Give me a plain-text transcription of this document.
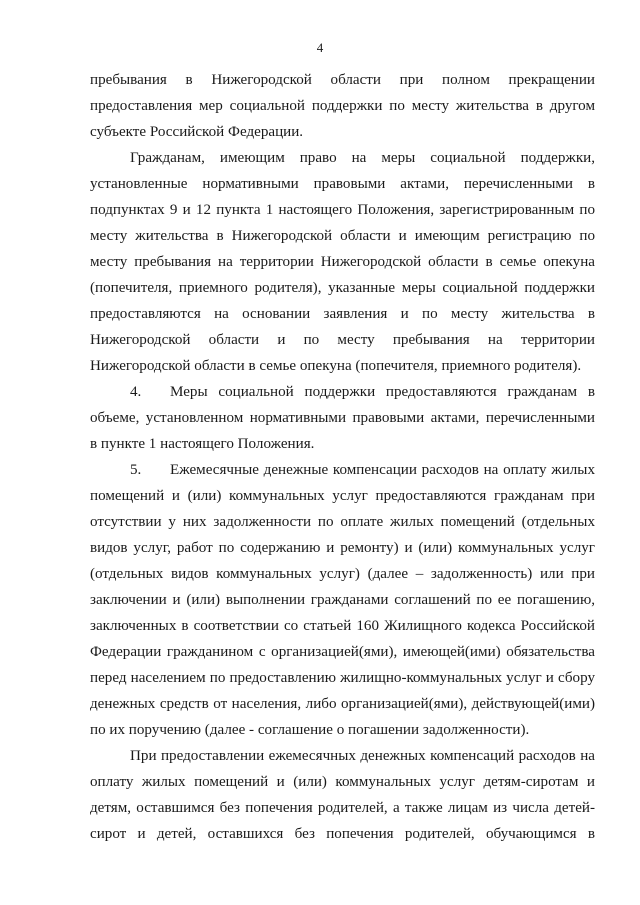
4
пребывания в Нижегородской области при полном прекращении
предоставления мер социальной поддержки по месту жительства в другом
субъекте Российской Федерации.
Гражданам, имеющим право на меры социальной поддержки,
установленные нормативными правовыми актами, перечисленными в
подпунктах 9 и 12 пункта 1 настоящего Положения, зарегистрированным по
месту жительства в Нижегородской области и имеющим регистрацию по
месту пребывания на территории Нижегородской области в семье опекуна
(попечителя, приемного родителя), указанные меры социальной поддержки
предоставляются на основании заявления и по месту жительства в
Нижегородской области и по месту пребывания на территории
Нижегородской области в семье опекуна (попечителя, приемного родителя).
4.	Меры социальной поддержки предоставляются гражданам в
объеме, установленном нормативными правовыми актами, перечисленными
в пункте 1 настоящего Положения.
5.	Ежемесячные денежные компенсации расходов на оплату жилых
помещений и (или) коммунальных услуг предоставляются гражданам при
отсутствии у них задолженности по оплате жилых помещений (отдельных
видов услуг, работ по содержанию и ремонту) и (или) коммунальных услуг
(отдельных видов коммунальных услуг) (далее – задолженность) или при
заключении и (или) выполнении гражданами соглашений по ее погашению,
заключенных в соответствии со статьей 160 Жилищного кодекса Российской
Федерации гражданином с организацией(ями), имеющей(ими) обязательства
перед населением по предоставлению жилищно-коммунальных услуг и сбору
денежных средств от населения, либо организацией(ями), действующей(ими)
по их поручению (далее - соглашение о погашении задолженности).
При предоставлении ежемесячных денежных компенсаций расходов на
оплату жилых помещений и (или) коммунальных услуг детям-сиротам и
детям, оставшимся без попечения родителей, а также лицам из числа детей-
сирот и детей, оставшихся без попечения родителей, обучающимся в
